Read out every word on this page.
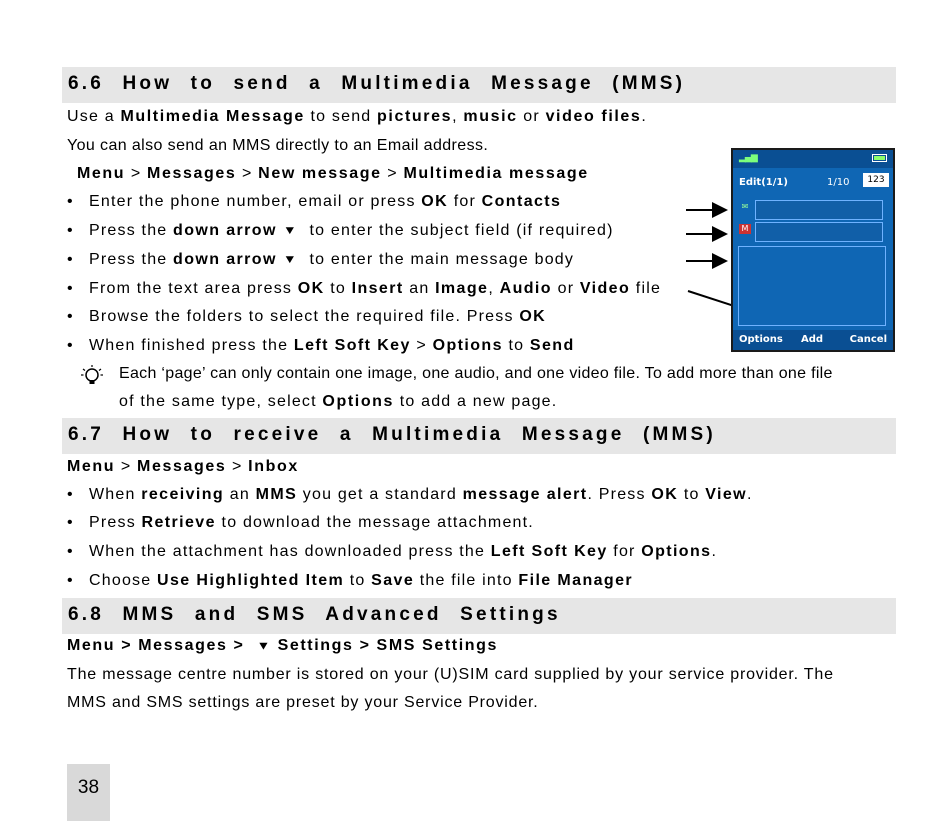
6.6 How to send a Multimedia Message (MMS)
Use a Multimedia Message to send pictures, music or video files.
You can also send an MMS directly to an Email address.
Menu > Messages > New message > Multimedia message
• Enter the phone number, email or press OK for Contacts
• Press the down arrow ▼ to enter the subject field (if required)
• Press the down arrow ▼ to enter the main message body
• From the text area press OK to Insert an Image, Audio or Video file
• Browse the folders to select the required file. Press OK
• When finished press the Left Soft Key > Options to Send
▂▄▆
Edit(1/1)	1/10	123
✉
M
Options Add	Cancel
Each ‘page’ can only contain one image, one audio, and one video file. To add more than one file
of the same type, select Options to add a new page.
6.7 How to receive a Multimedia Message (MMS)
Menu > Messages > Inbox
• When receiving an MMS you get a standard message alert. Press OK to View.
• Press Retrieve to download the message attachment.
• When the attachment has downloaded press the Left Soft Key for Options.
• Choose Use Highlighted Item to Save the file into File Manager
6.8 MMS and SMS Advanced Settings
Menu > Messages > ▼ Settings > SMS Settings
The message centre number is stored on your (U)SIM card supplied by your service provider. The
MMS and SMS settings are preset by your Service Provider.
38
